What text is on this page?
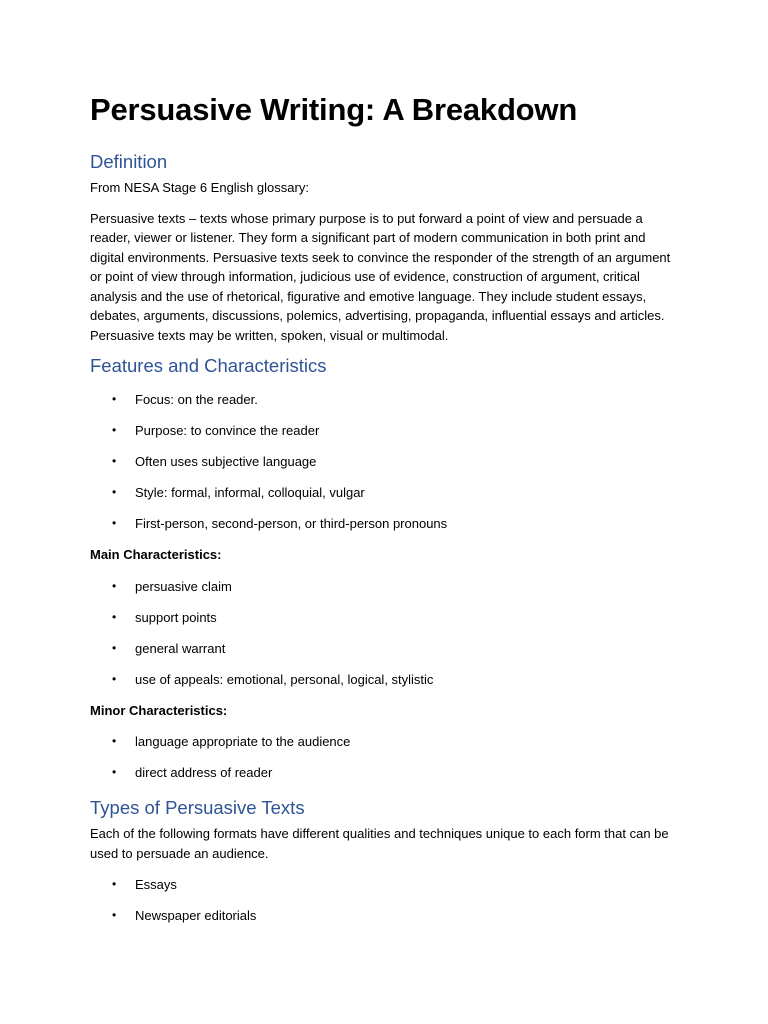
Persuasive Writing: A Breakdown
Definition

From NESA Stage 6 English glossary:

Persuasive texts – texts whose primary purpose is to put forward a point of view and persuade a reader, viewer or listener. They form a significant part of modern communication in both print and digital environments. Persuasive texts seek to convince the responder of the strength of an argument or point of view through information, judicious use of evidence, construction of argument, critical analysis and the use of rhetorical, figurative and emotive language. They include student essays, debates, arguments, discussions, polemics, advertising, propaganda, influential essays and articles. Persuasive texts may be written, spoken, visual or multimodal.

Features and Characteristics
• Focus: on the reader.
• Purpose: to convince the reader
• Often uses subjective language
• Style: formal, informal, colloquial, vulgar
• First-person, second-person, or third-person pronouns

Main Characteristics:

• persuasive claim
• support points
• general warrant
• use of appeals: emotional, personal, logical, stylistic

Minor Characteristics:

• language appropriate to the audience
• direct address of reader
Types of Persuasive Texts

Each of the following formats have different qualities and techniques unique to each form that can be used to persuade an audience.

• Essays
• Newspaper editorials
